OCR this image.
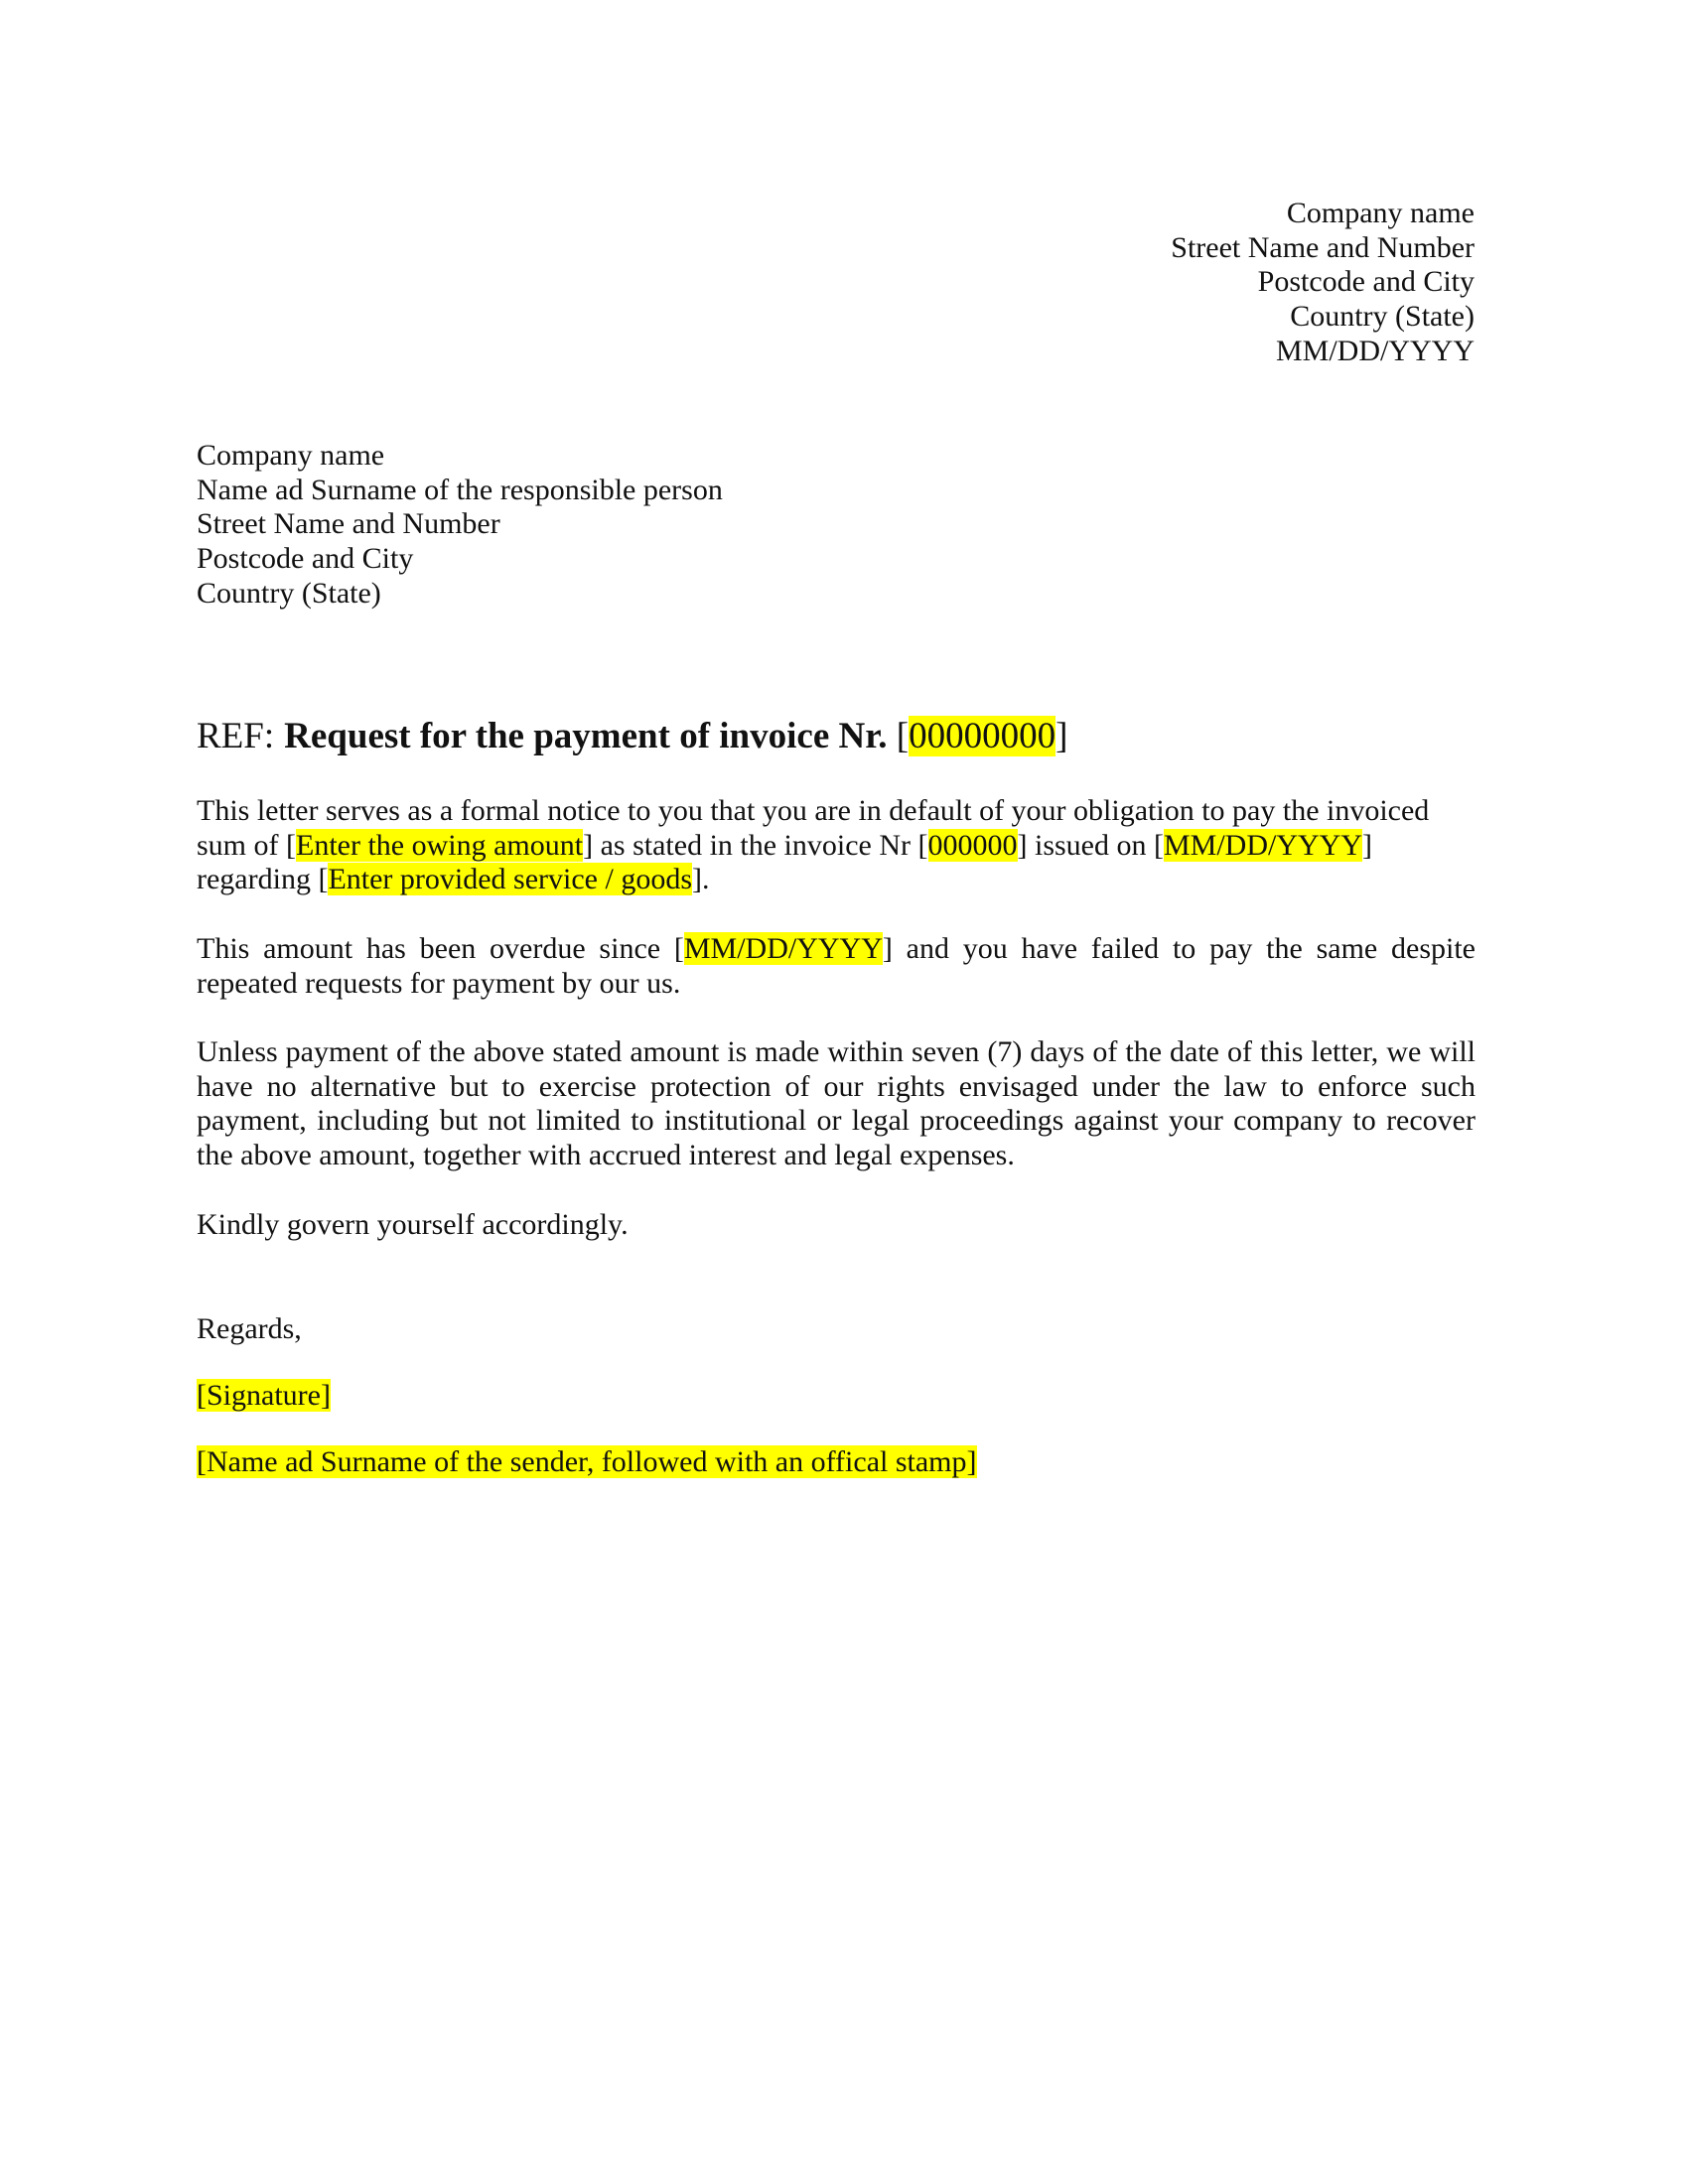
Company name
Street Name and Number
Postcode and City
Country (State)
MM/DD/YYYY
Company name
Name ad Surname of the responsible person
Street Name and Number
Postcode and City
Country (State)
REF: Request for the payment of invoice Nr. [00000000]
This letter serves as a formal notice to you that you are in default of your obligation to pay the invoiced sum of [Enter the owing amount] as stated in the invoice Nr [000000] issued on [MM/DD/YYYY] regarding [Enter provided service / goods].
This amount has been overdue since [MM/DD/YYYY] and you have failed to pay the same despite repeated requests for payment by our us.
Unless payment of the above stated amount is made within seven (7) days of the date of this letter, we will have no alternative but to exercise protection of our rights envisaged under the law to enforce such payment, including but not limited to institutional or legal proceedings against your company to recover the above amount, together with accrued interest and legal expenses.
Kindly govern yourself accordingly.
Regards,
[Signature]
[Name ad Surname of the sender, followed with an offical stamp]
